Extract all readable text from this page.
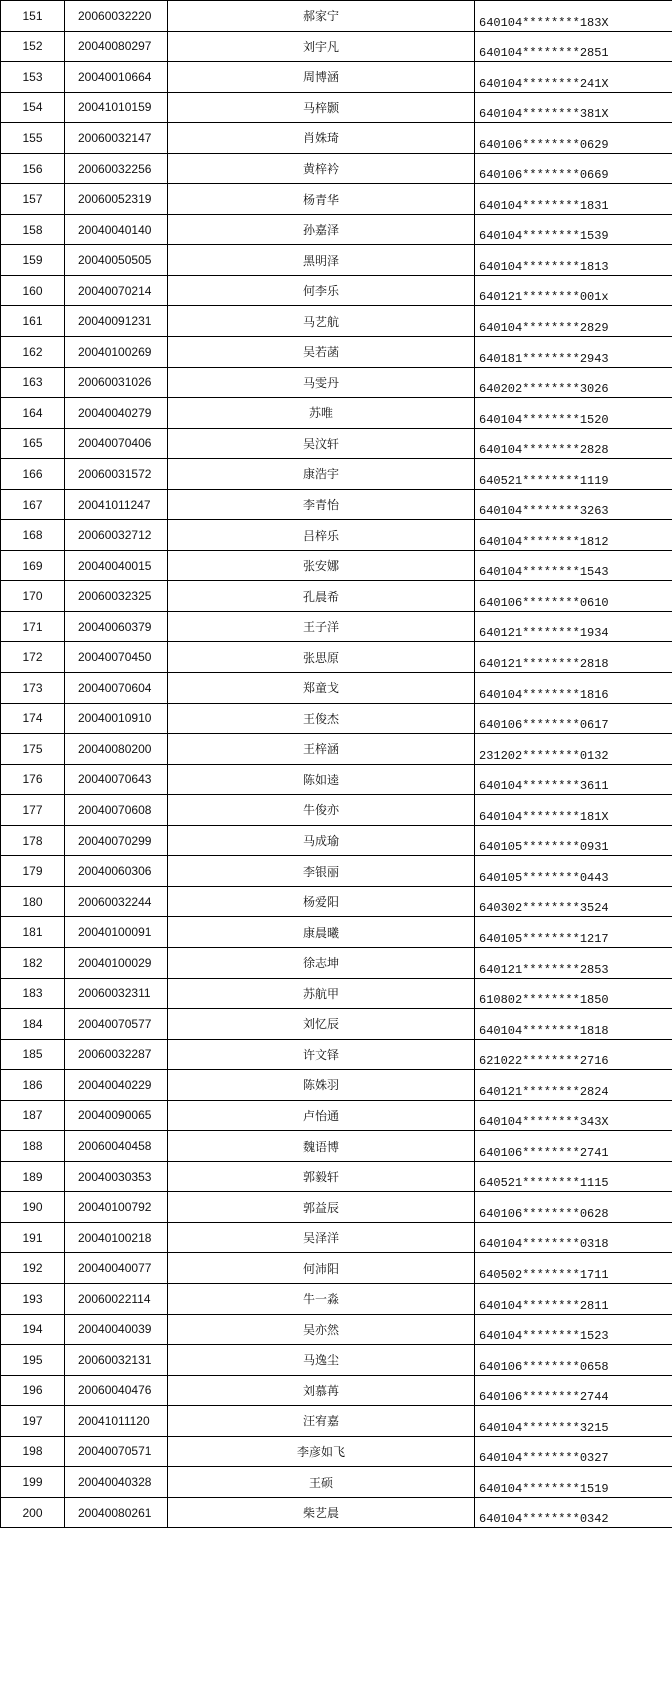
151	20060032220	郝家宁	640104********183X
152	20040080297	刘宇凡	640104********2851
153	20040010664	周博涵	640104********241X
154	20041010159	马梓颢	640104********381X
155	20060032147	肖姝琦	640106********0629
156	20060032256	黄梓衿	640106********0669
157	20060052319	杨青华	640104********1831
158	20040040140	孙嘉泽	640104********1539
159	20040050505	黑明泽	640104********1813
160	20040070214	何李乐	640121********001x
161	20040091231	马艺航	640104********2829
162	20040100269	吴若菡	640181********2943
163	20060031026	马雯丹	640202********3026
164	20040040279	苏唯	640104********1520
165	20040070406	吴汶轩	640104********2828
166	20060031572	康浩宇	640521********1119
167	20041011247	李青怡	640104********3263
168	20060032712	吕梓乐	640104********1812
169	20040040015	张安娜	640104********1543
170	20060032325	孔晨希	640106********0610
171	20040060379	王子洋	640121********1934
172	20040070450	张思原	640121********2818
173	20040070604	郑童戈	640104********1816
174	20040010910	王俊杰	640106********0617
175	20040080200	王梓涵	231202********0132
176	20040070643	陈如逵	640104********3611
177	20040070608	牛俊亦	640104********181X
178	20040070299	马成瑜	640105********0931
179	20040060306	李银丽	640105********0443
180	20060032244	杨爱阳	640302********3524
181	20040100091	康晨曦	640105********1217
182	20040100029	徐志坤	640121********2853
183	20060032311	苏航甲	610802********1850
184	20040070577	刘忆辰	640104********1818
185	20060032287	许文铎	621022********2716
186	20040040229	陈姝羽	640121********2824
187	20040090065	卢怡通	640104********343X
188	20060040458	魏语博	640106********2741
189	20040030353	郭毅轩	640521********1115
190	20040100792	郭益辰	640106********0628
191	20040100218	吴泽洋	640104********0318
192	20040040077	何沛阳	640502********1711
193	20060022114	牛一淼	640104********2811
194	20040040039	吴亦然	640104********1523
195	20060032131	马逸尘	640106********0658
196	20060040476	刘慕苒	640106********2744
197	20041011120	汪宥嘉	640104********3215
198	20040070571	李彦如飞	640104********0327
199	20040040328	王硕	640104********1519
200	20040080261	柴艺晨	640104********0342
